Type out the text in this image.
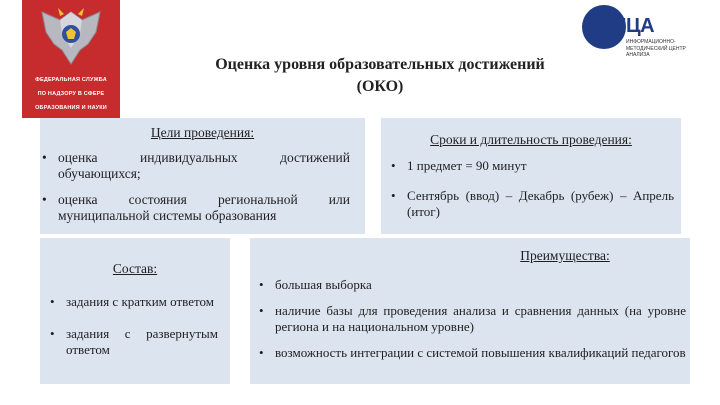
ФЕДЕРАЛЬНАЯ СЛУЖБА
ПО НАДЗОРУ В СФЕРЕ
ОБРАЗОВАНИЯ И НАУКИ
Оценка уровня образовательных достижений
(ОКО)
ИМЦА
ИНФОРМАЦИОННО-
МЕТОДИЧЕСКИЙ ЦЕНТР
АНАЛИЗА
Цели проведения:
• оценка индивидуальных достижений обучающихся;
• оценка состояния региональной или муниципальной системы образования
Сроки и длительность проведения:
• 1 предмет = 90 минут
• Сентябрь (ввод) – Декабрь (рубеж) – Апрель (итог)
Состав:
• задания с кратким ответом
• задания с развернутым ответом
Преимущества:
• большая выборка
• наличие базы для проведения анализа и сравнения данных (на уровне региона и на национальном уровне)
• возможность интеграции с системой повышения квалификаций педагогов
